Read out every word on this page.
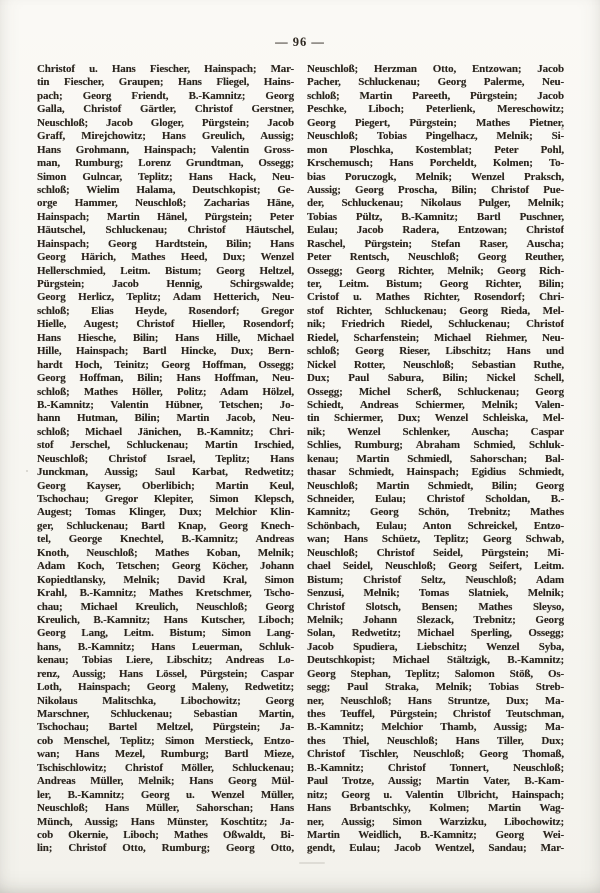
— 96 —
Christof u. Hans Fiescher, Hainspach; Mar-
tin Fiescher, Graupen; Hans Fliegel, Hains-
pach; Georg Friendt, B.-Kamnitz; Georg
Galla, Christof Gärtler, Christof Gerstner,
Neuschloß; Jacob Gloger, Pürgstein; Jacob
Graff, Mirejchowitz; Hans Greulich, Aussig;
Hans Grohmann, Hainspach; Valentin Gross-
man, Rumburg; Lorenz Grundtman, Ossegg;
Simon Gulncar, Teplitz; Hans Hack, Neu-
schloß; Wielim Halama, Deutschkopist; Ge-
orge Hammer, Neuschloß; Zacharias Häne,
Hainspach; Martin Hänel, Pürgstein; Peter
Häutschel, Schluckenau; Christof Häutschel,
Hainspach; Georg Hardtstein, Bilin; Hans
Georg Härich, Mathes Heed, Dux; Wenzel
Hellerschmied, Leitm. Bistum; Georg Heltzel,
Pürgstein; Jacob Hennig, Schirgswalde;
Georg Herlicz, Teplitz; Adam Hetterich, Neu-
schloß; Elias Heyde, Rosendorf; Gregor
Hielle, Augest; Christof Hieller, Rosendorf;
Hans Hiesche, Bilin; Hans Hille, Michael
Hille, Hainspach; Bartl Hincke, Dux; Bern-
hardt Hoch, Teinitz; Georg Hoffman, Ossegg;
Georg Hoffman, Bilin; Hans Hoffman, Neu-
schloß; Mathes Höller, Politz; Adam Hölzel,
B.-Kamnitz; Valentin Hübner, Tetschen; Jo-
hann Hutman, Bilin; Martin Jacob, Neu-
schloß; Michael Jänichen, B.-Kamnitz; Chri-
stof Jerschel, Schluckenau; Martin Irschied,
Neuschloß; Christof Israel, Teplitz; Hans
Junckman, Aussig; Saul Karbat, Redwetitz;
Georg Kayser, Oberlibich; Martin Keul,
Tschochau; Gregor Klepiter, Simon Klepsch,
Augest; Tomas Klinger, Dux; Melchior Klin-
ger, Schluckenau; Bartl Knap, Georg Knech-
tel, George Knechtel, B.-Kamnitz; Andreas
Knoth, Neuschloß; Mathes Koban, Melnik;
Adam Koch, Tetschen; Georg Köcher, Johann
Kopiedtlansky, Melnik; David Kral, Simon
Krahl, B.-Kamnitz; Mathes Kretschmer, Tscho-
chau; Michael Kreulich, Neuschloß; Georg
Kreulich, B.-Kamnitz; Hans Kutscher, Liboch;
Georg Lang, Leitm. Bistum; Simon Lang-
hans, B.-Kamnitz; Hans Leuerman, Schluk-
kenau; Tobias Liere, Libschitz; Andreas Lo-
renz, Aussig; Hans Lössel, Pürgstein; Caspar
Loth, Hainspach; Georg Maleny, Redwetitz;
Nikolaus Malitschka, Libochowitz; Georg
Marschner, Schluckenau; Sebastian Martin,
Tschochau; Bartel Meltzel, Pürgstein; Ja-
cob Menschel, Teplitz; Simon Merstieck, Entzo-
wan; Hans Mezel, Rumburg; Bartl Mieze,
Tschischlowitz; Christof Möller, Schluckenau;
Andreas Müller, Melnik; Hans Georg Mül-
ler, B.-Kamnitz; Georg u. Wenzel Müller,
Neuschloß; Hans Müller, Sahorschan; Hans
Münch, Aussig; Hans Münster, Koschtitz; Ja-
cob Okernie, Liboch; Mathes Oßwaldt, Bi-
lin; Christof Otto, Rumburg; Georg Otto,
Neuschloß; Herzman Otto, Entzowan; Jacob
Pacher, Schluckenau; Georg Palerme, Neu-
schloß; Martin Pareeth, Pürgstein; Jacob
Peschke, Liboch; Peterlienk, Mereschowitz;
Georg Piegert, Pürgstein; Mathes Pietner,
Neuschloß; Tobias Pingelhacz, Melnik; Si-
mon Ploschka, Kostemblat; Peter Pohl,
Krschemusch; Hans Porcheldt, Kolmen; To-
bias Poruczogk, Melnik; Wenzel Praksch,
Aussig; Georg Proscha, Bilin; Christof Pue-
der, Schluckenau; Nikolaus Pulger, Melnik;
Tobias Pültz, B.-Kamnitz; Bartl Puschner,
Eulau; Jacob Radera, Entzowan; Christof
Raschel, Pürgstein; Stefan Raser, Auscha;
Peter Rentsch, Neuschloß; Georg Reuther,
Ossegg; Georg Richter, Melnik; Georg Rich-
ter, Leitm. Bistum; Georg Richter, Bilin;
Cristof u. Mathes Richter, Rosendorf; Chri-
stof Richter, Schluckenau; Georg Rieda, Mel-
nik; Friedrich Riedel, Schluckenau; Christof
Riedel, Scharfenstein; Michael Riehmer, Neu-
schloß; Georg Rieser, Libschitz; Hans und
Nickel Rotter, Neuschloß; Sebastian Ruthe,
Dux; Paul Sabura, Bilin; Nickel Schell,
Ossegg; Michel Scherß, Schluckenau; Georg
Schiedt, Andreas Schiermer, Melnik; Valen-
tin Schiermer, Dux; Wenzel Schleiska, Mel-
nik; Wenzel Schlenker, Auscha; Caspar
Schlies, Rumburg; Abraham Schmied, Schluk-
kenau; Martin Schmiedl, Sahorschan; Bal-
thasar Schmiedt, Hainspach; Egidius Schmiedt,
Neuschloß; Martin Schmiedt, Bilin; Georg
Schneider, Eulau; Christof Scholdan, B.-
Kamnitz; Georg Schön, Trebnitz; Mathes
Schönbach, Eulau; Anton Schreickel, Entzo-
wan; Hans Schüetz, Teplitz; Georg Schwab,
Neuschloß; Christof Seidel, Pürgstein; Mi-
chael Seidel, Neuschloß; Georg Seifert, Leitm.
Bistum; Christof Seltz, Neuschloß; Adam
Senzusi, Melnik; Tomas Slatniek, Melnik;
Christof Slotsch, Bensen; Mathes Sleyso,
Melnik; Johann Slezack, Trebnitz; Georg
Solan, Redwetitz; Michael Sperling, Ossegg;
Jacob Spudiera, Liebschitz; Wenzel Syba,
Deutschkopist; Michael Stältzigk, B.-Kamnitz;
Georg Stephan, Teplitz; Salomon Stöß, Os-
segg; Paul Straka, Melnik; Tobias Streb-
ner, Neuschloß; Hans Struntze, Dux; Ma-
thes Teuffel, Pürgstein; Christof Teutschman,
B.-Kamnitz; Melchior Thamb, Aussig; Ma-
thes Thiel, Neuschloß; Hans Tiller, Dux;
Christof Tischler, Neuschloß; Georg Thomaß,
B.-Kamnitz; Christof Tonnert, Neuschloß;
Paul Trotze, Aussig; Martin Vater, B.-Kam-
nitz; Georg u. Valentin Ulbricht, Hainspach;
Hans Brbantschky, Kolmen; Martin Wag-
ner, Aussig; Simon Warzizku, Libochowitz;
Martin Weidlich, B.-Kamnitz; Georg Wei-
gendt, Eulau; Jacob Wentzel, Sandau; Mar-
